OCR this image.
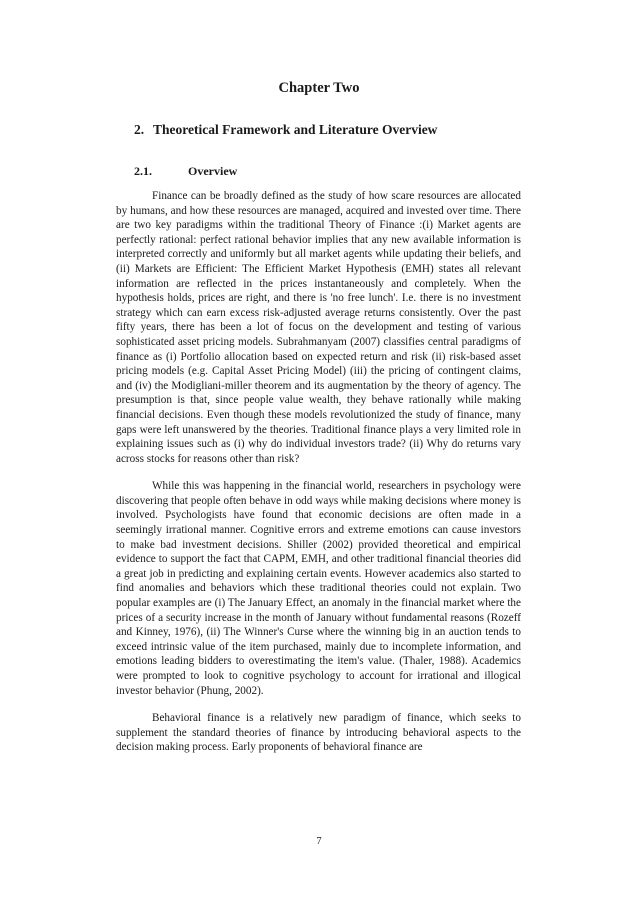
Chapter Two
2. Theoretical Framework and Literature Overview
2.1.	Overview

Finance can be broadly defined as the study of how scare resources are allocated by humans, and how these resources are managed, acquired and invested over time. There are two key paradigms within the traditional Theory of Finance :(i) Market agents are perfectly rational: perfect rational behavior implies that any new available information is interpreted correctly and uniformly but all market agents while updating their beliefs, and (ii) Markets are Efficient: The Efficient Market Hypothesis (EMH) states all relevant information are reflected in the prices instantaneously and completely. When the hypothesis holds, prices are right, and there is 'no free lunch'. I.e. there is no investment strategy which can earn excess risk-adjusted average returns consistently. Over the past fifty years, there has been a lot of focus on the development and testing of various sophisticated asset pricing models. Subrahmanyam (2007) classifies central paradigms of finance as (i) Portfolio allocation based on expected return and risk (ii) risk-based asset pricing models (e.g. Capital Asset Pricing Model) (iii) the pricing of contingent claims, and (iv) the Modigliani-miller theorem and its augmentation by the theory of agency. The presumption is that, since people value wealth, they behave rationally while making financial decisions. Even though these models revolutionized the study of finance, many gaps were left unanswered by the theories. Traditional finance plays a very limited role in explaining issues such as (i) why do individual investors trade? (ii) Why do returns vary across stocks for reasons other than risk?

While this was happening in the financial world, researchers in psychology were discovering that people often behave in odd ways while making decisions where money is involved. Psychologists have found that economic decisions are often made in a seemingly irrational manner. Cognitive errors and extreme emotions can cause investors to make bad investment decisions. Shiller (2002) provided theoretical and empirical evidence to support the fact that CAPM, EMH, and other traditional financial theories did a great job in predicting and explaining certain events. However academics also started to find anomalies and behaviors which these traditional theories could not explain. Two popular examples are (i) The January Effect, an anomaly in the financial market where the prices of a security increase in the month of January without fundamental reasons (Rozeff and Kinney, 1976), (ii) The Winner's Curse where the winning big in an auction tends to exceed intrinsic value of the item purchased, mainly due to incomplete information, and emotions leading bidders to overestimating the item's value. (Thaler, 1988). Academics were prompted to look to cognitive psychology to account for irrational and illogical investor behavior (Phung, 2002).

Behavioral finance is a relatively new paradigm of finance, which seeks to supplement the standard theories of finance by introducing behavioral aspects to the decision making process. Early proponents of behavioral finance are

7
